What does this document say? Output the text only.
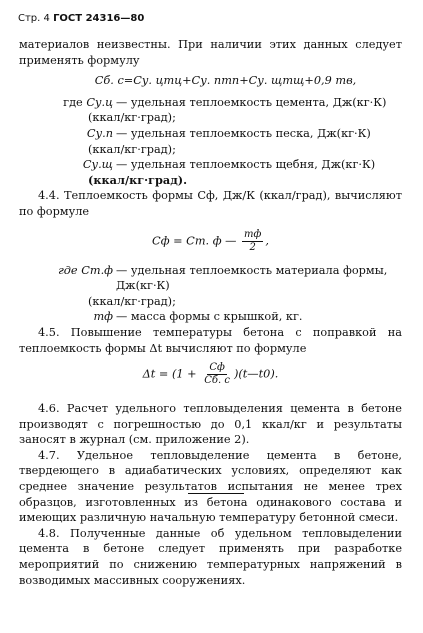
Стр. 4 ГОСТ 24316—80

материалов неизвестны. При наличии этих данных следует применять формулу

Cб. с=Cу. цmц+Cу. пmп+Cу. щmщ+0,9 mв,
где Cу.ц — удельная теплоемкость цемента, Дж(кг·К)
(ккал/кг·град);
Cу.п — удельная теплоемкость песка, Дж(кг·К)
(ккал/кг·град);
Cу.щ — удельная теплоемкость щебня, Дж(кг·К)
(ккал/кг·град).

4.4. Теплоемкость формы Cф, Дж/К (ккал/град), вычисляют по формуле

Cф = Cт. ф — $\frac{mф}{2}$ ,
где Cт.ф — удельная теплоемкость материала формы, Дж(кг·К)
(ккал/кг·град);
mф — масса формы с крышкой, кг.

4.5. Повышение температуры бетона с поправкой на теплоемкость формы Δt вычисляют по формуле

$\Delta t = (1 + \frac{Cф}{Cб. с}$ )(t—t0).

4.6. Расчет удельного тепловыделения цемента в бетоне производят с погрешностью до 0,1 ккал/кг и результаты заносят в журнал (см. приложение 2).

4.7. Удельное тепловыделение цемента в бетоне, твердеющего в адиабатических условиях, определяют как среднее значение результатов испытания не менее трех образцов, изготовленных из бетона одинакового состава и имеющих различную начальную температуру бетонной смеси.

4.8. Полученные данные об удельном тепловыделении цемента в бетоне следует применять при разработке мероприятий по снижению температурных напряжений в возводимых массивных сооружениях.
